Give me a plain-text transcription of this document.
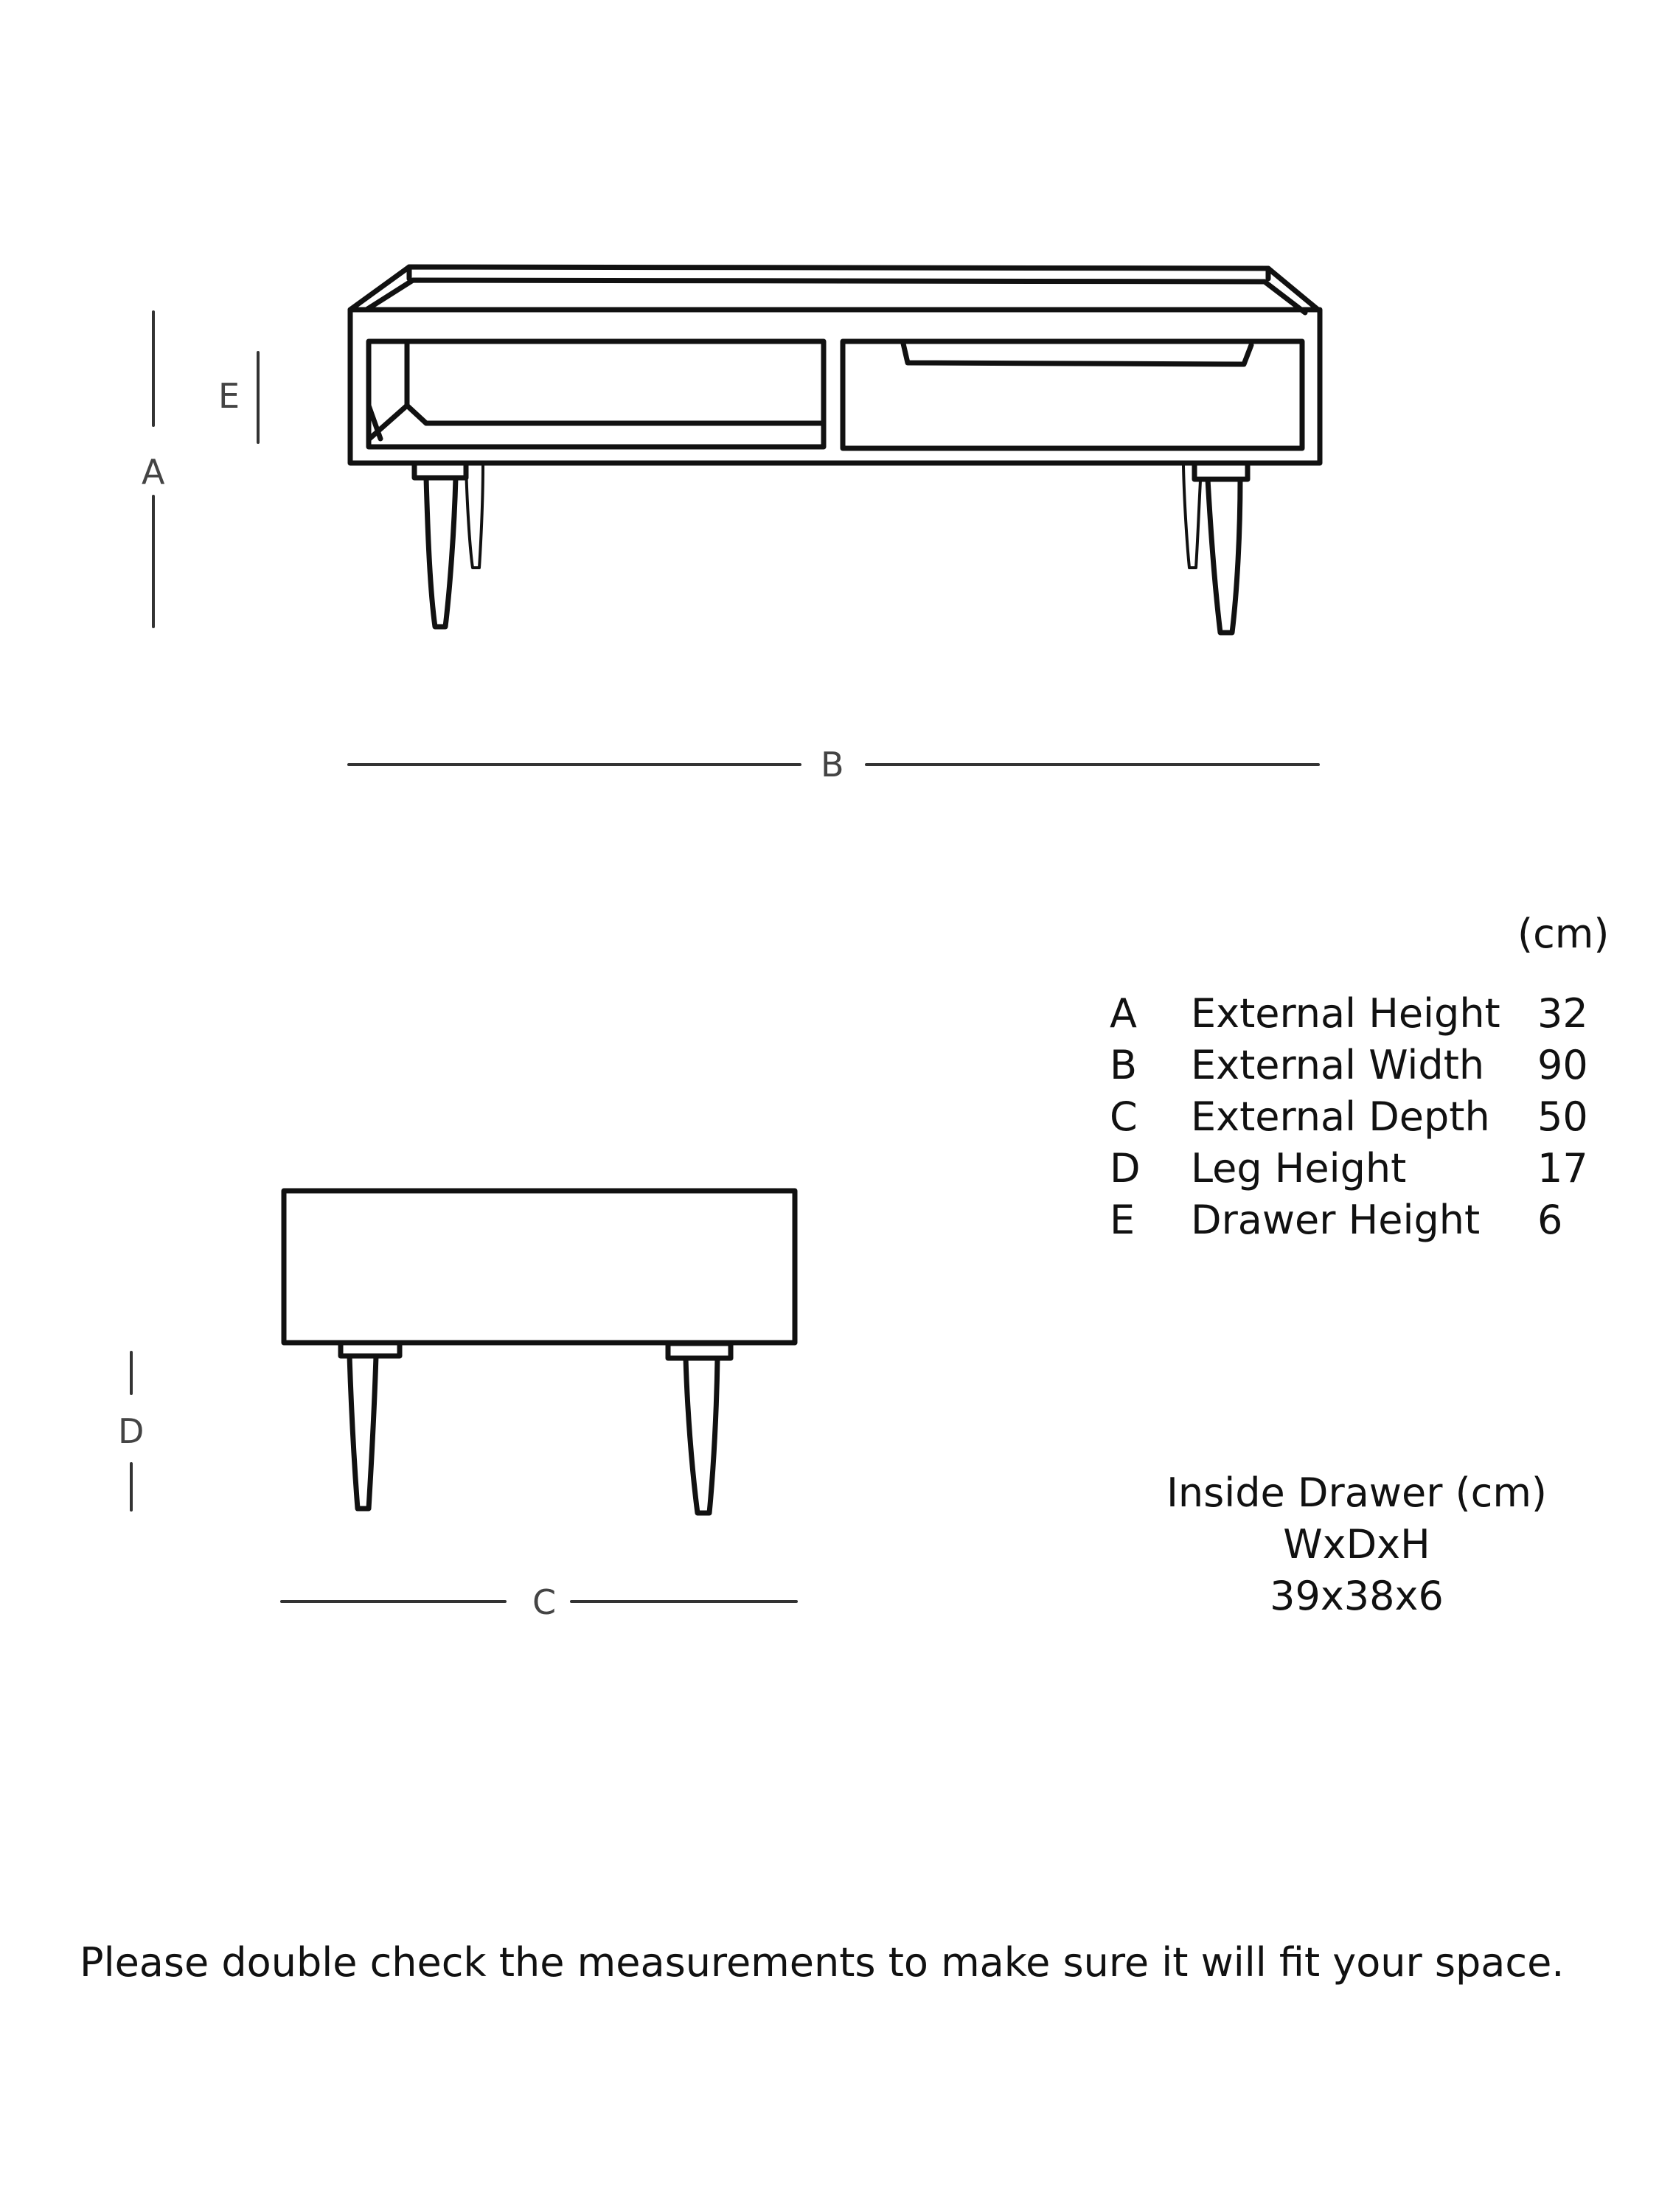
A
E
B
D
C
(cm)
A External Height 32
B External Width 90
C External Depth 50
D Leg Height	17
E Drawer Height 6
Inside Drawer (cm)
WxDxH
39x38x6
Please double check the measurements to make sure it will fit your space.
